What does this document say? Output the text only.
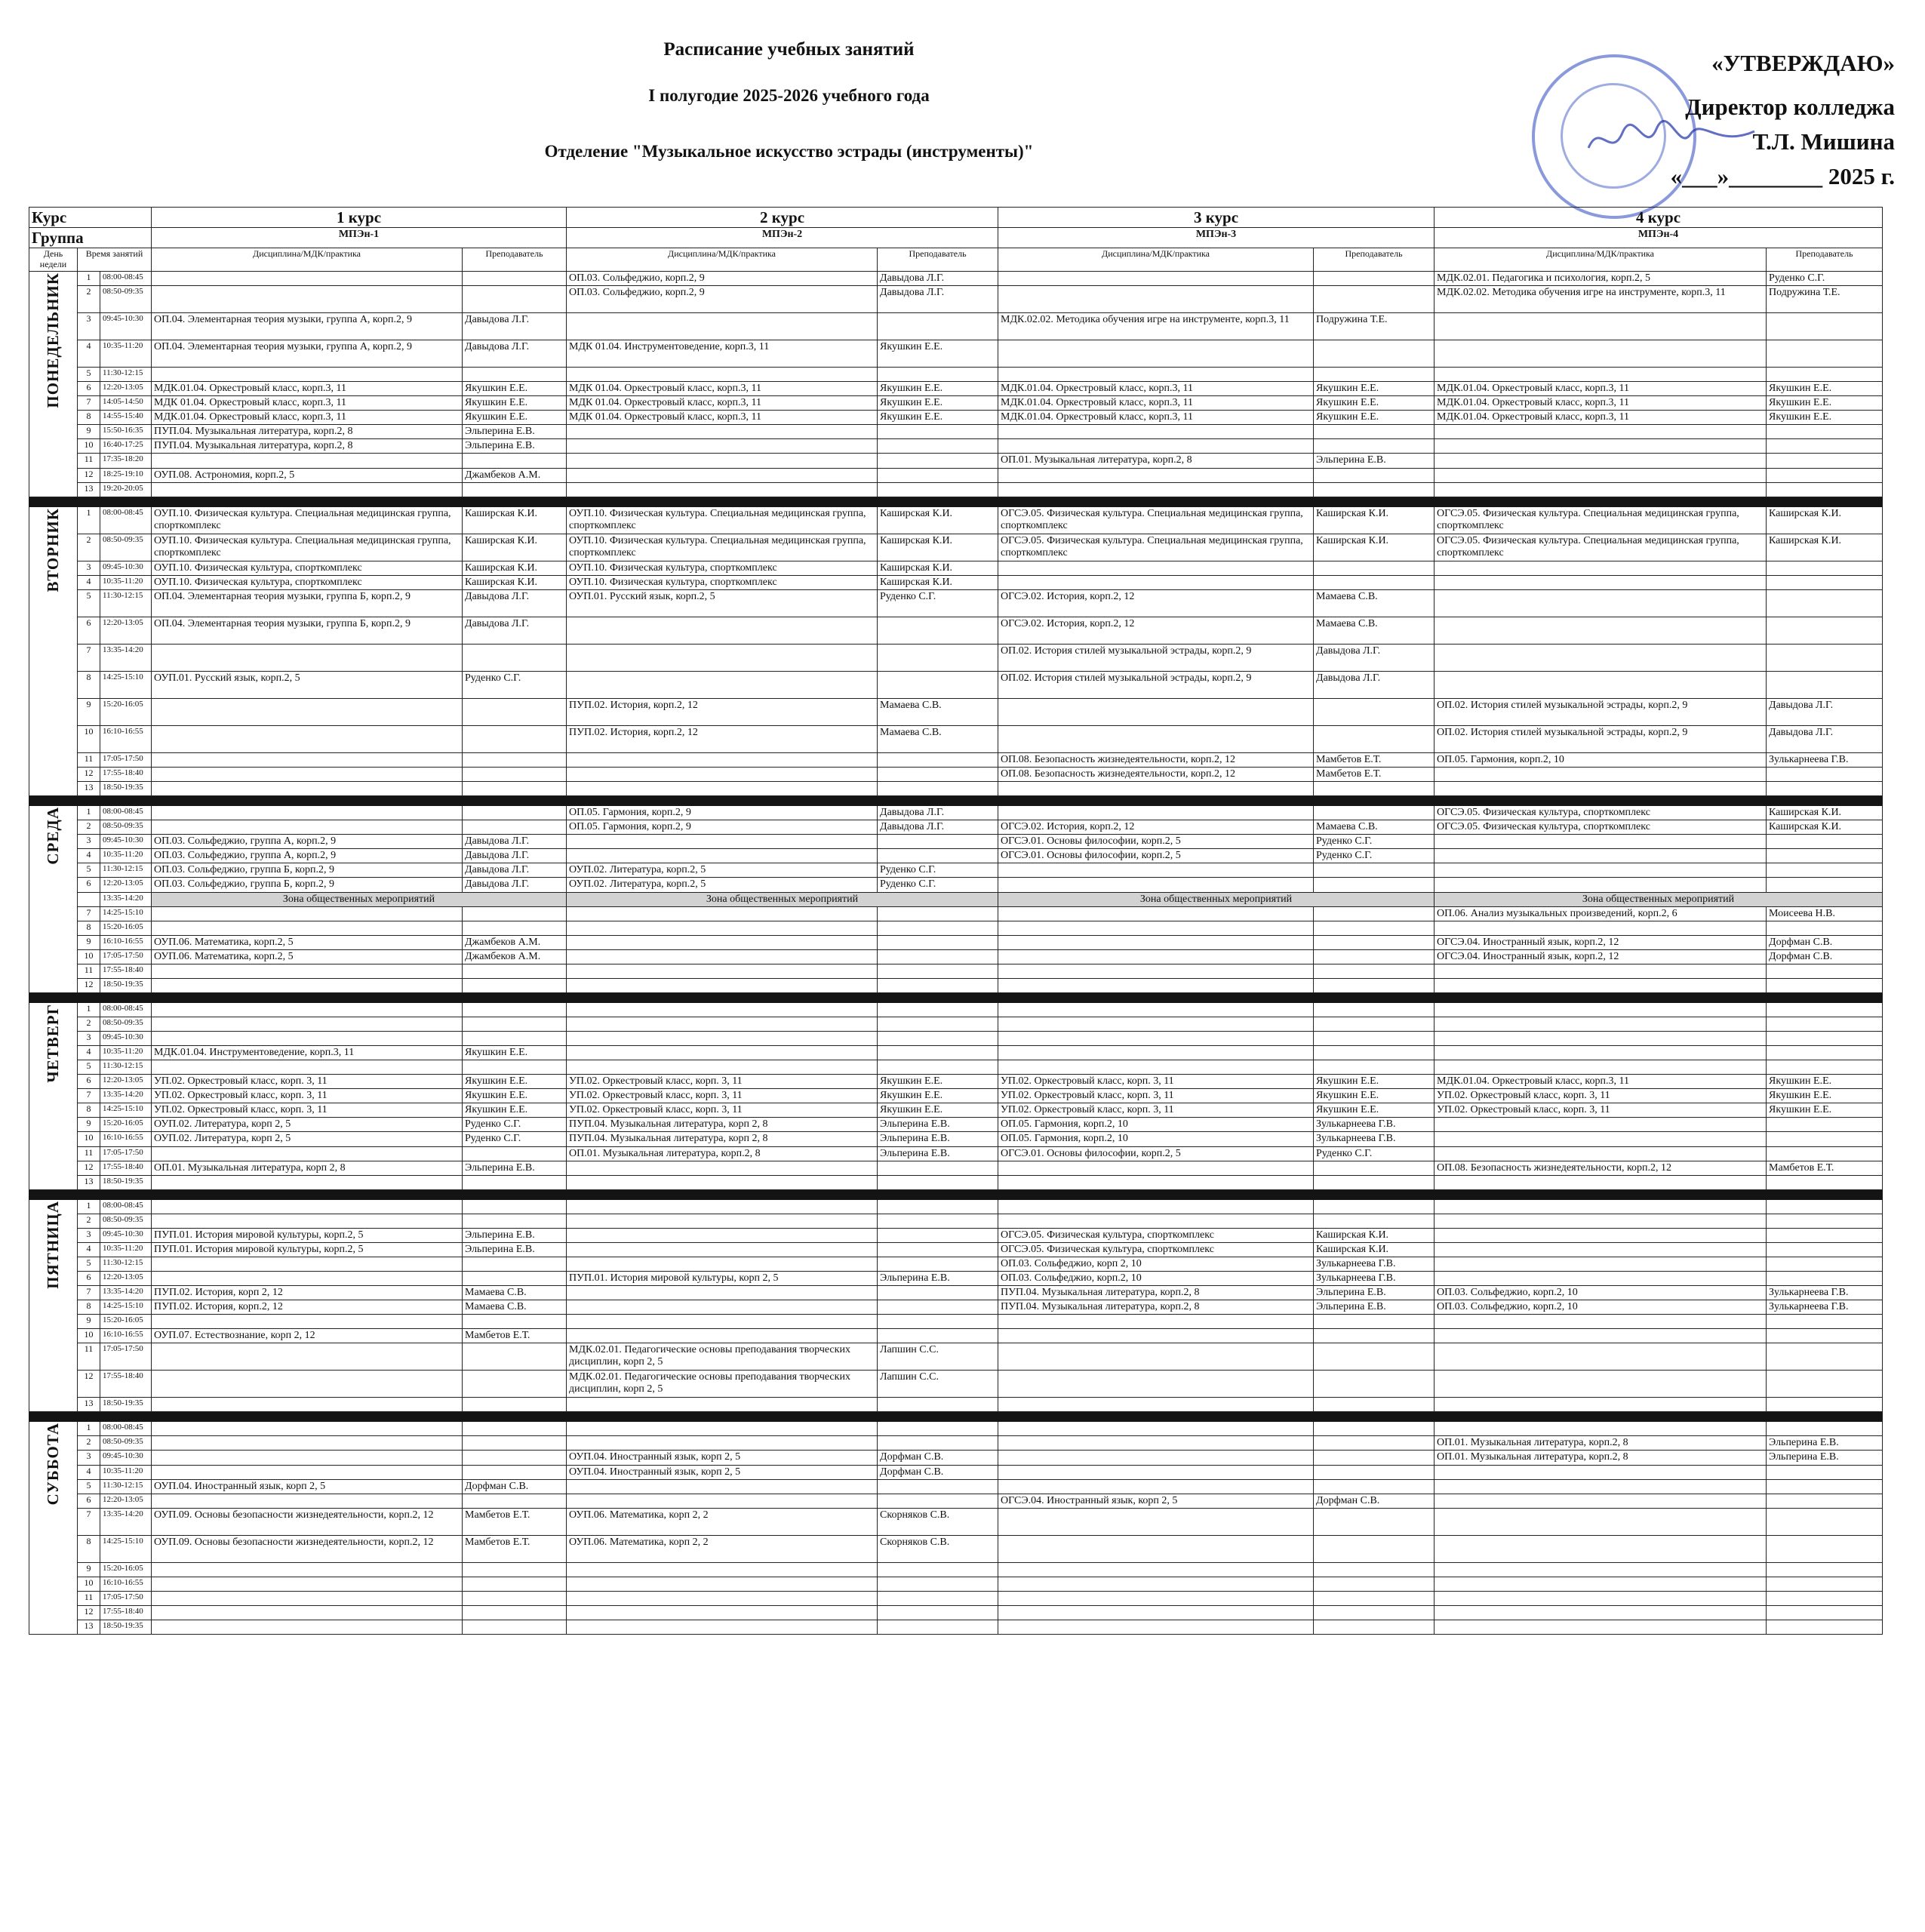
Расписание учебных занятий
I полугодие 2025-2026 учебного года
Отделение "Музыкальное искусство эстрады (инструменты)"
«УТВЕРЖДАЮ»
Директор колледжа
Т.Л. Мишина
«___»________ 2025 г.
Курс			1 курс		2 курс		3 курс		4 курс	
Группа			МПЭн-1		МПЭн-2		МПЭн-3		МПЭн-4	
День недели	Время занятий		Дисциплина/МДК/практика	Преподаватель	Дисциплина/МДК/практика	Преподаватель	Дисциплина/МДК/практика	Преподаватель	Дисциплина/МДК/практика	Преподаватель
ПОНЕДЕЛЬНИК	1	08:00-08:45			ОП.03. Сольфеджио, корп.2, 9	Давыдова Л.Г.			МДК.02.01. Педагогика и психология, корп.2, 5	Руденко С.Г.
	2	08:50-09:35			ОП.03. Сольфеджио, корп.2, 9	Давыдова Л.Г.			МДК.02.02. Методика обучения игре на инструменте, корп.3, 11	Подружина Т.Е.
	3	09:45-10:30	ОП.04. Элементарная теория музыки, группа А, корп.2, 9	Давыдова Л.Г.			МДК.02.02. Методика обучения игре на инструменте, корп.3, 11	Подружина Т.Е.		
	4	10:35-11:20	ОП.04. Элементарная теория музыки, группа А, корп.2, 9	Давыдова Л.Г.	МДК 01.04. Инструментоведение, корп.3, 11	Якушкин Е.Е.				
	5	11:30-12:15								
	6	12:20-13:05	МДК.01.04. Оркестровый класс, корп.3, 11	Якушкин Е.Е.	МДК 01.04. Оркестровый класс, корп.3, 11	Якушкин Е.Е.	МДК.01.04. Оркестровый класс, корп.3, 11	Якушкин Е.Е.	МДК.01.04. Оркестровый класс, корп.3, 11	Якушкин Е.Е.
	7	14:05-14:50	МДК 01.04. Оркестровый класс, корп.3, 11	Якушкин Е.Е.	МДК 01.04. Оркестровый класс, корп.3, 11	Якушкин Е.Е.	МДК.01.04. Оркестровый класс, корп.3, 11	Якушкин Е.Е.	МДК.01.04. Оркестровый класс, корп.3, 11	Якушкин Е.Е.
	8	14:55-15:40	МДК.01.04. Оркестровый класс, корп.3, 11	Якушкин Е.Е.	МДК 01.04. Оркестровый класс, корп.3, 11	Якушкин Е.Е.	МДК.01.04. Оркестровый класс, корп.3, 11	Якушкин Е.Е.	МДК.01.04. Оркестровый класс, корп.3, 11	Якушкин Е.Е.
	9	15:50-16:35	ПУП.04. Музыкальная литература, корп.2, 8	Эльперина Е.В.						
	10	16:40-17:25	ПУП.04. Музыкальная литература, корп.2, 8	Эльперина Е.В.						
	11	17:35-18:20					ОП.01. Музыкальная литература, корп.2, 8	Эльперина Е.В.		
	12	18:25-19:10	ОУП.08. Астрономия, корп.2, 5	Джамбеков А.М.						
	13	19:20-20:05								

ВТОРНИК	1	08:00-08:45	ОУП.10. Физическая культура. Специальная медицинская группа, спорткомплекс	Каширская К.И.	ОУП.10. Физическая культура. Специальная медицинская группа, спорткомплекс	Каширская К.И.	ОГСЭ.05. Физическая культура. Специальная медицинская группа, спорткомплекс	Каширская К.И.	ОГСЭ.05. Физическая культура. Специальная медицинская группа, спорткомплекс	Каширская К.И.
	2	08:50-09:35	ОУП.10. Физическая культура. Специальная медицинская группа, спорткомплекс	Каширская К.И.	ОУП.10. Физическая культура. Специальная медицинская группа, спорткомплекс	Каширская К.И.	ОГСЭ.05. Физическая культура. Специальная медицинская группа, спорткомплекс	Каширская К.И.	ОГСЭ.05. Физическая культура. Специальная медицинская группа, спорткомплекс	Каширская К.И.
	3	09:45-10:30	ОУП.10. Физическая культура, спорткомплекс	Каширская К.И.	ОУП.10. Физическая культура, спорткомплекс	Каширская К.И.				
	4	10:35-11:20	ОУП.10. Физическая культура, спорткомплекс	Каширская К.И.	ОУП.10. Физическая культура, спорткомплекс	Каширская К.И.				
	5	11:30-12:15	ОП.04. Элементарная теория музыки, группа Б, корп.2, 9	Давыдова Л.Г.	ОУП.01. Русский язык, корп.2, 5	Руденко С.Г.	ОГСЭ.02. История, корп.2, 12	Мамаева С.В.		
	6	12:20-13:05	ОП.04. Элементарная теория музыки, группа Б, корп.2, 9	Давыдова Л.Г.			ОГСЭ.02. История, корп.2, 12	Мамаева С.В.		
	7	13:35-14:20					ОП.02. История стилей музыкальной эстрады, корп.2, 9	Давыдова Л.Г.		
	8	14:25-15:10	ОУП.01. Русский язык, корп.2, 5	Руденко С.Г.			ОП.02. История стилей музыкальной эстрады, корп.2, 9	Давыдова Л.Г.		
	9	15:20-16:05			ПУП.02. История, корп.2, 12	Мамаева С.В.			ОП.02. История стилей музыкальной эстрады, корп.2, 9	Давыдова Л.Г.
	10	16:10-16:55			ПУП.02. История, корп.2, 12	Мамаева С.В.			ОП.02. История стилей музыкальной эстрады, корп.2, 9	Давыдова Л.Г.
	11	17:05-17:50					ОП.08. Безопасность жизнедеятельности, корп.2, 12	Мамбетов Е.Т.	ОП.05. Гармония, корп.2, 10	Зулькарнеева Г.В.
	12	17:55-18:40					ОП.08. Безопасность жизнедеятельности, корп.2, 12	Мамбетов Е.Т.		
	13	18:50-19:35								

СРЕДА	1	08:00-08:45			ОП.05. Гармония, корп.2, 9	Давыдова Л.Г.			ОГСЭ.05. Физическая культура, спорткомплекс	Каширская К.И.
	2	08:50-09:35			ОП.05. Гармония, корп.2, 9	Давыдова Л.Г.	ОГСЭ.02. История, корп.2, 12	Мамаева С.В.	ОГСЭ.05. Физическая культура, спорткомплекс	Каширская К.И.
	3	09:45-10:30	ОП.03. Сольфеджио, группа А, корп.2, 9	Давыдова Л.Г.			ОГСЭ.01. Основы философии, корп.2, 5	Руденко С.Г.		
	4	10:35-11:20	ОП.03. Сольфеджио, группа А, корп.2, 9	Давыдова Л.Г.			ОГСЭ.01. Основы философии, корп.2, 5	Руденко С.Г.		
	5	11:30-12:15	ОП.03. Сольфеджио, группа Б, корп.2, 9	Давыдова Л.Г.	ОУП.02. Литература, корп.2, 5	Руденко С.Г.				
	6	12:20-13:05	ОП.03. Сольфеджио, группа Б, корп.2, 9	Давыдова Л.Г.	ОУП.02. Литература, корп.2, 5	Руденко С.Г.				
		13:35-14:20	Зона общественных мероприятий		Зона общественных мероприятий		Зона общественных мероприятий		Зона общественных мероприятий	
	7	14:25-15:10							ОП.06. Анализ музыкальных произведений, корп.2, 6	Моисеева Н.В.
	8	15:20-16:05								
	9	16:10-16:55	ОУП.06. Математика, корп.2, 5	Джамбеков А.М.					ОГСЭ.04. Иностранный язык, корп.2, 12	Дорфман С.В.
	10	17:05-17:50	ОУП.06. Математика, корп.2, 5	Джамбеков А.М.					ОГСЭ.04. Иностранный язык, корп.2, 12	Дорфман С.В.
	11	17:55-18:40								
	12	18:50-19:35								

ЧЕТВЕРГ	1	08:00-08:45								
	2	08:50-09:35								
	3	09:45-10:30								
	4	10:35-11:20	МДК.01.04. Инструментоведение, корп.3, 11	Якушкин Е.Е.						
	5	11:30-12:15								
	6	12:20-13:05	УП.02. Оркестровый класс, корп. 3, 11	Якушкин Е.Е.	УП.02. Оркестровый класс, корп. 3, 11	Якушкин Е.Е.	УП.02. Оркестровый класс, корп. 3, 11	Якушкин Е.Е.	МДК.01.04. Оркестровый класс, корп.3, 11	Якушкин Е.Е.
	7	13:35-14:20	УП.02. Оркестровый класс, корп. 3, 11	Якушкин Е.Е.	УП.02. Оркестровый класс, корп. 3, 11	Якушкин Е.Е.	УП.02. Оркестровый класс, корп. 3, 11	Якушкин Е.Е.	УП.02. Оркестровый класс, корп. 3, 11	Якушкин Е.Е.
	8	14:25-15:10	УП.02. Оркестровый класс, корп. 3, 11	Якушкин Е.Е.	УП.02. Оркестровый класс, корп. 3, 11	Якушкин Е.Е.	УП.02. Оркестровый класс, корп. 3, 11	Якушкин Е.Е.	УП.02. Оркестровый класс, корп. 3, 11	Якушкин Е.Е.
	9	15:20-16:05	ОУП.02. Литература, корп 2, 5	Руденко С.Г.	ПУП.04. Музыкальная литература, корп 2, 8	Эльперина Е.В.	ОП.05. Гармония, корп.2, 10	Зулькарнеева Г.В.		
	10	16:10-16:55	ОУП.02. Литература, корп 2, 5	Руденко С.Г.	ПУП.04. Музыкальная литература, корп 2, 8	Эльперина Е.В.	ОП.05. Гармония, корп.2, 10	Зулькарнеева Г.В.		
	11	17:05-17:50			ОП.01. Музыкальная литература, корп.2, 8	Эльперина Е.В.	ОГСЭ.01. Основы философии, корп.2, 5	Руденко С.Г.		
	12	17:55-18:40	ОП.01. Музыкальная литература, корп 2, 8	Эльперина Е.В.					ОП.08. Безопасность жизнедеятельности, корп.2, 12	Мамбетов Е.Т.
	13	18:50-19:35								

ПЯТНИЦА	1	08:00-08:45								
	2	08:50-09:35								
	3	09:45-10:30	ПУП.01. История мировой культуры, корп.2, 5	Эльперина Е.В.			ОГСЭ.05. Физическая культура, спорткомплекс	Каширская К.И.		
	4	10:35-11:20	ПУП.01. История мировой культуры, корп.2, 5	Эльперина Е.В.			ОГСЭ.05. Физическая культура, спорткомплекс	Каширская К.И.		
	5	11:30-12:15					ОП.03. Сольфеджио, корп 2, 10	Зулькарнеева Г.В.		
	6	12:20-13:05			ПУП.01. История мировой культуры, корп 2, 5	Эльперина Е.В.	ОП.03. Сольфеджио, корп.2, 10	Зулькарнеева Г.В.		
	7	13:35-14:20	ПУП.02. История, корп 2, 12	Мамаева С.В.			ПУП.04. Музыкальная литература, корп.2, 8	Эльперина Е.В.	ОП.03. Сольфеджио, корп.2, 10	Зулькарнеева Г.В.
	8	14:25-15:10	ПУП.02. История, корп.2, 12	Мамаева С.В.			ПУП.04. Музыкальная литература, корп.2, 8	Эльперина Е.В.	ОП.03. Сольфеджио, корп.2, 10	Зулькарнеева Г.В.
	9	15:20-16:05								
	10	16:10-16:55	ОУП.07. Естествознание, корп 2, 12	Мамбетов Е.Т.						
	11	17:05-17:50			МДК.02.01. Педагогические основы преподавания творческих дисциплин, корп 2, 5	Лапшин С.С.				
	12	17:55-18:40			МДК.02.01. Педагогические основы преподавания творческих дисциплин, корп 2, 5	Лапшин С.С.				
	13	18:50-19:35								

СУББОТА	1	08:00-08:45								
	2	08:50-09:35							ОП.01. Музыкальная литература, корп.2, 8	Эльперина Е.В.
	3	09:45-10:30			ОУП.04. Иностранный язык, корп 2, 5	Дорфман С.В.			ОП.01. Музыкальная литература, корп.2, 8	Эльперина Е.В.
	4	10:35-11:20			ОУП.04. Иностранный язык, корп 2, 5	Дорфман С.В.				
	5	11:30-12:15	ОУП.04. Иностранный язык, корп 2, 5	Дорфман С.В.						
	6	12:20-13:05					ОГСЭ.04. Иностранный язык, корп 2, 5	Дорфман С.В.		
	7	13:35-14:20	ОУП.09. Основы безопасности жизнедеятельности, корп.2, 12	Мамбетов Е.Т.	ОУП.06. Математика, корп 2, 2	Скорняков С.В.				
	8	14:25-15:10	ОУП.09. Основы безопасности жизнедеятельности, корп.2, 12	Мамбетов Е.Т.	ОУП.06. Математика, корп 2, 2	Скорняков С.В.				
	9	15:20-16:05								
	10	16:10-16:55								
	11	17:05-17:50								
	12	17:55-18:40								
	13	18:50-19:35								
